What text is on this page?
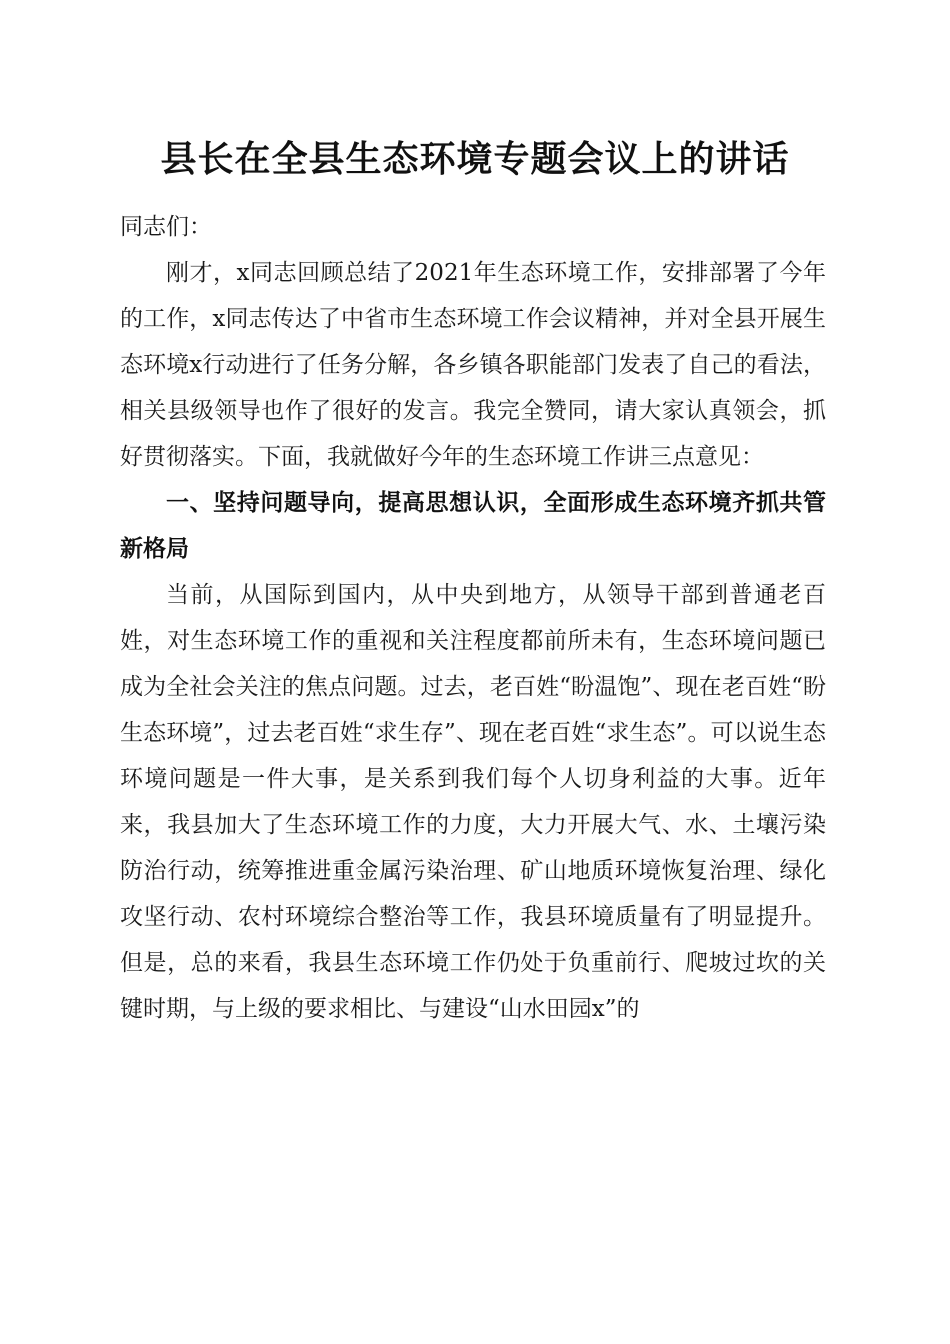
县长在全县生态环境专题会议上的讲话

同志们：

刚才，x同志回顾总结了2021年生态环境工作，安排部署了今年的工作，x同志传达了中省市生态环境工作会议精神，并对全县开展生态环境x行动进行了任务分解，各乡镇各职能部门发表了自己的看法，相关县级领导也作了很好的发言。我完全赞同，请大家认真领会，抓好贯彻落实。下面，我就做好今年的生态环境工作讲三点意见：

一、坚持问题导向，提高思想认识，全面形成生态环境齐抓共管新格局

当前，从国际到国内，从中央到地方，从领导干部到普通老百姓，对生态环境工作的重视和关注程度都前所未有，生态环境问题已成为全社会关注的焦点问题。过去，老百姓“盼温饱”、现在老百姓“盼生态环境”，过去老百姓“求生存”、现在老百姓“求生态”。可以说生态环境问题是一件大事，是关系到我们每个人切身利益的大事。近年来，我县加大了生态环境工作的力度，大力开展大气、水、土壤污染防治行动，统筹推进重金属污染治理、矿山地质环境恢复治理、绿化攻坚行动、农村环境综合整治等工作，我县环境质量有了明显提升。但是，总的来看，我县生态环境工作仍处于负重前行、爬坡过坎的关键时期，与上级的要求相比、与建设“山水田园x”的
